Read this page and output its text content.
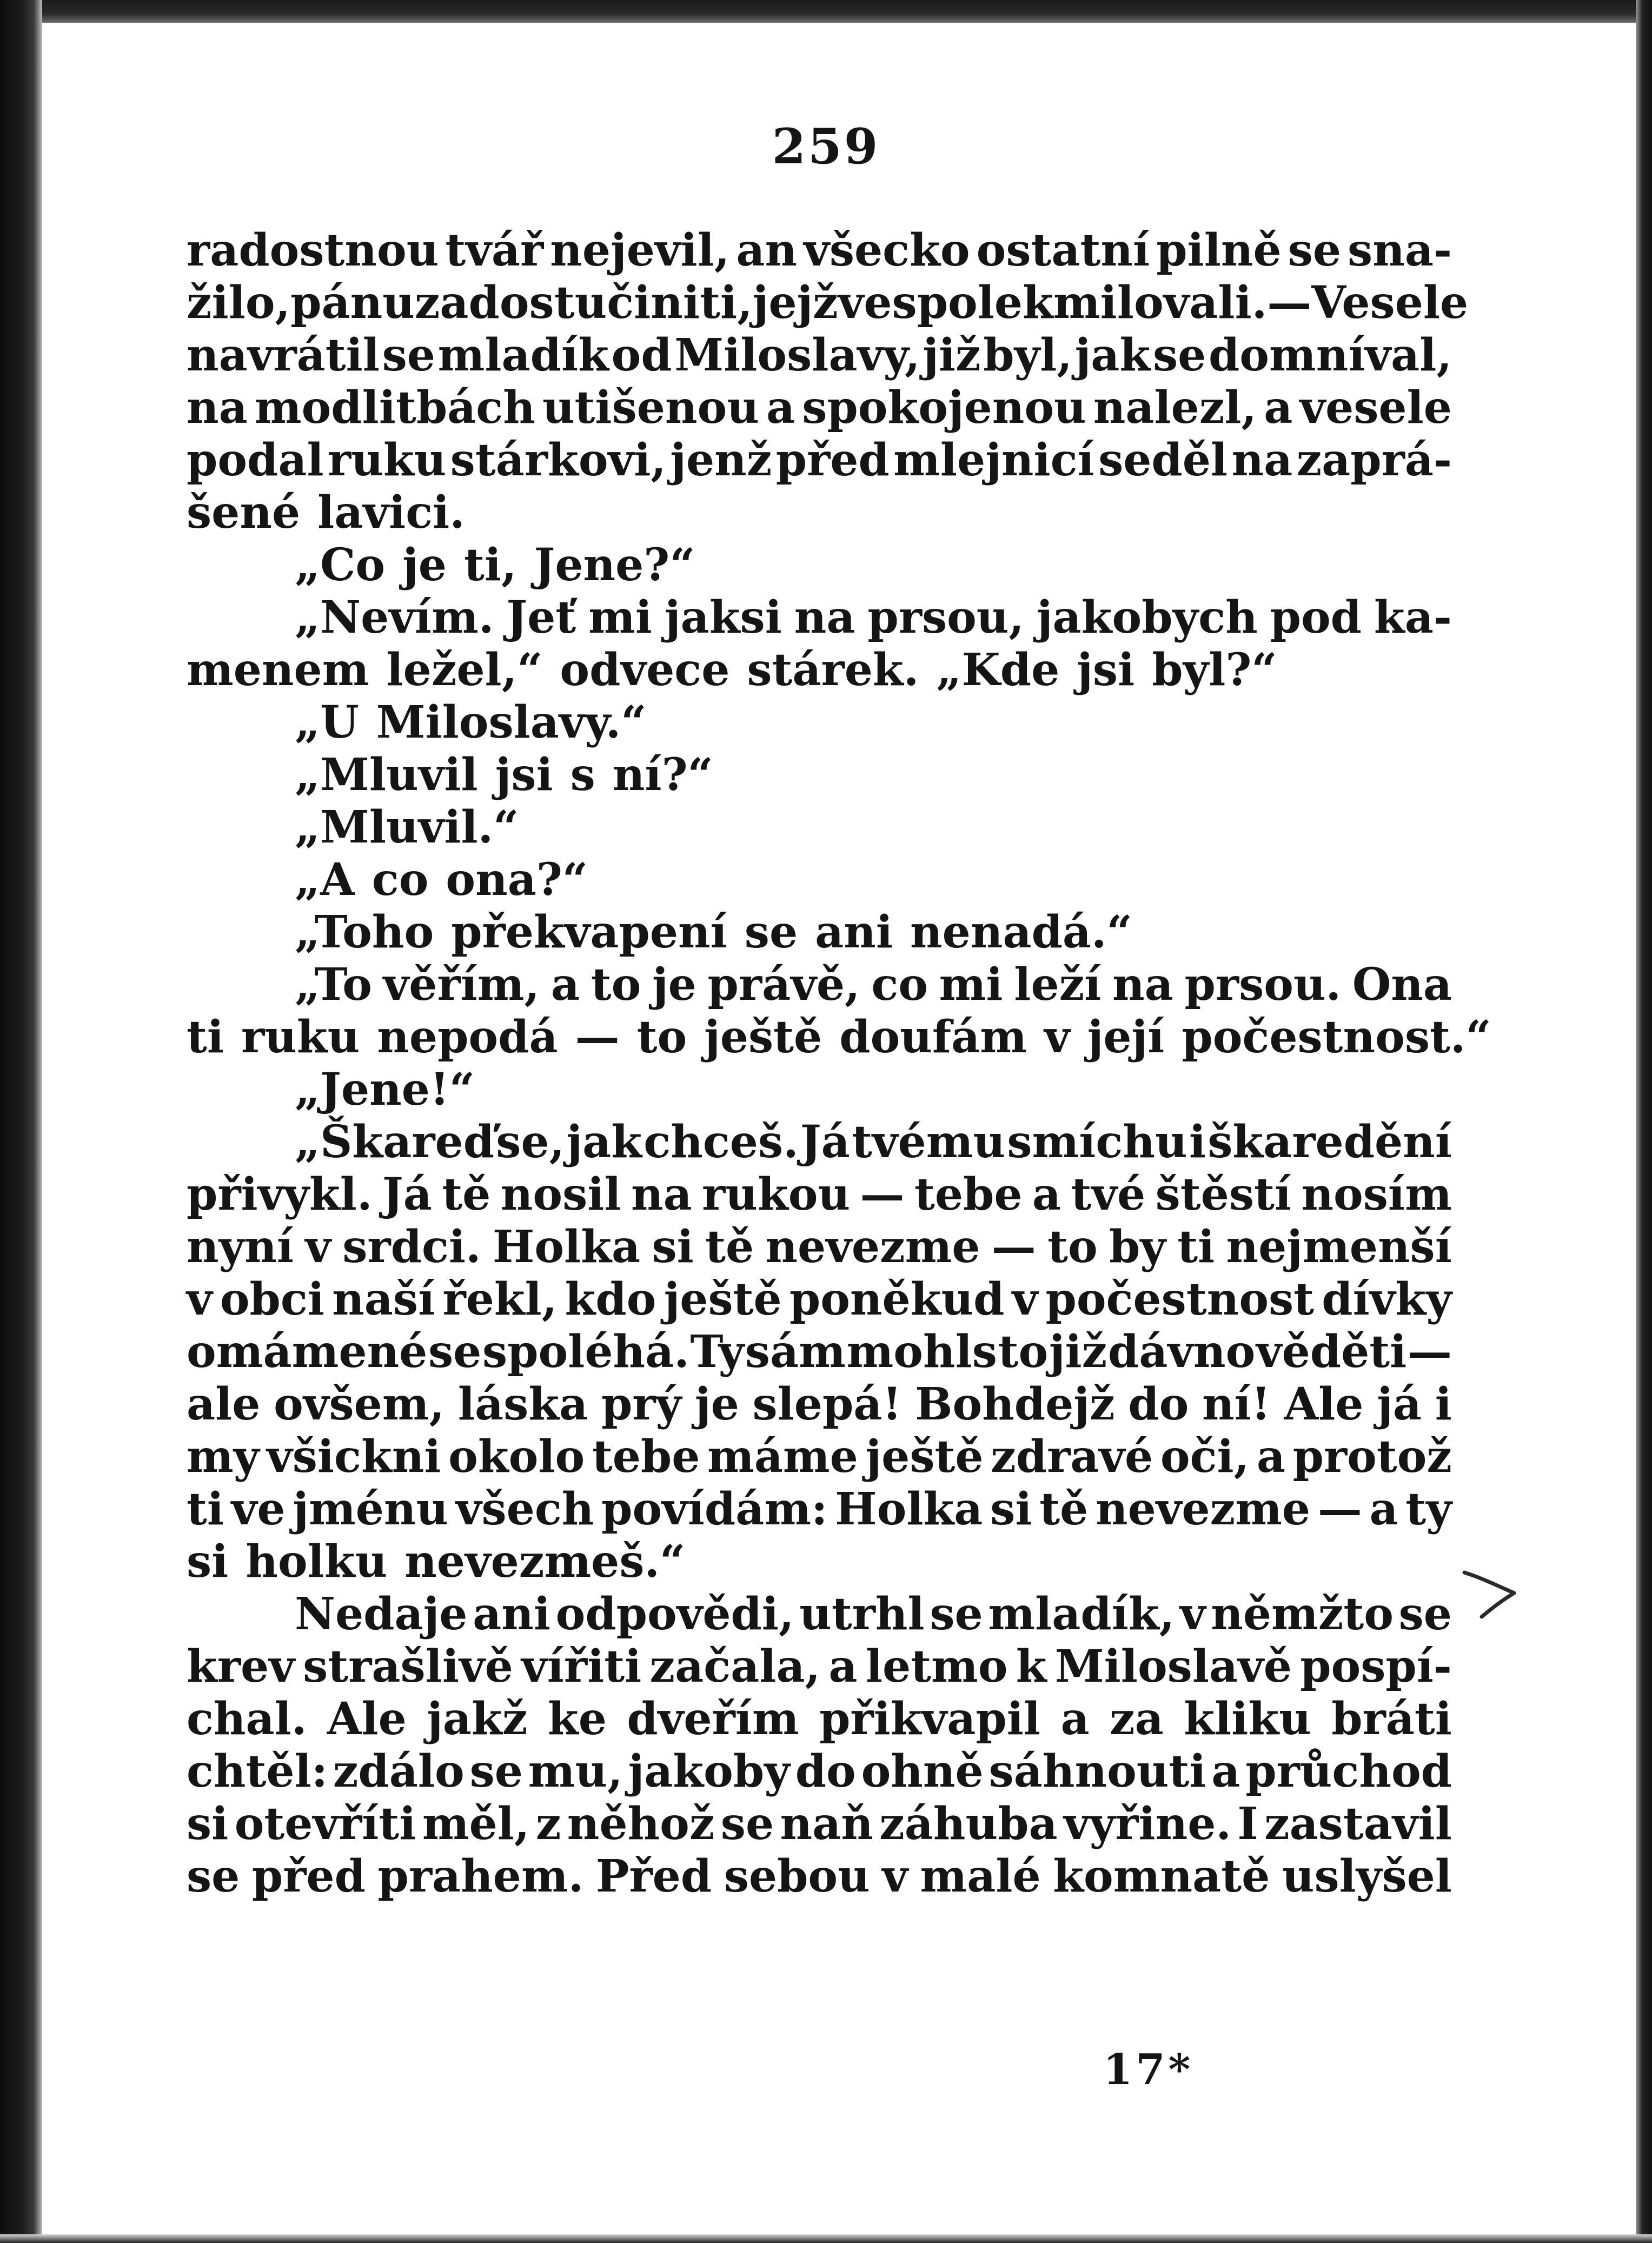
259
radostnou tvář nejevil, an všecko ostatní pilně se sna-
žilo, pánu zadost učiniti, jejž vespolek milovali. — Vesele
navrátil se mladík od Miloslavy, již byl, jak se domníval,
na modlitbách utišenou a spokojenou nalezl, a vesele
podal ruku stárkovi, jenž před mlejnicí seděl na zaprá-
šené lavici.
„Co je ti, Jene?“
„Nevím. Jeť mi jaksi na prsou, jakobych pod ka-
menem ležel,“ odvece stárek. „Kde jsi byl?“
„U Miloslavy.“
„Mluvil jsi s ní?“
„Mluvil.“
„A co ona?“
„Toho překvapení se ani nenadá.“
„To věřím, a to je právě, co mi leží na prsou. Ona
ti ruku nepodá — to ještě doufám v její počestnost.“
„Jene!“
„Škareď se, jak chceš. Já tvému smíchu i škaredění
přivykl. Já tě nosil na rukou — tebe a tvé štěstí nosím
nyní v srdci. Holka si tě nevezme — to by ti nejmenší
v obci naší řekl, kdo ještě poněkud v počestnost dívky
omámené se spoléhá. Ty sám mohls to již dávno věděti —
ale ovšem, láska prý je slepá! Bohdejž do ní! Ale já i
my všickni okolo tebe máme ještě zdravé oči, a protož
ti ve jménu všech povídám: Holka si tě nevezme — a ty
si holku nevezmeš.“
Nedaje ani odpovědi, utrhl se mladík, v němžto se
krev strašlivě vířiti začala, a letmo k Miloslavě pospí-
chal. Ale jakž ke dveřím přikvapil a za kliku bráti
chtěl: zdálo se mu, jakoby do ohně sáhnouti a průchod
si otevříti měl, z něhož se naň záhuba vyřine. I zastavil
se před prahem. Před sebou v malé komnatě uslyšel
17*
